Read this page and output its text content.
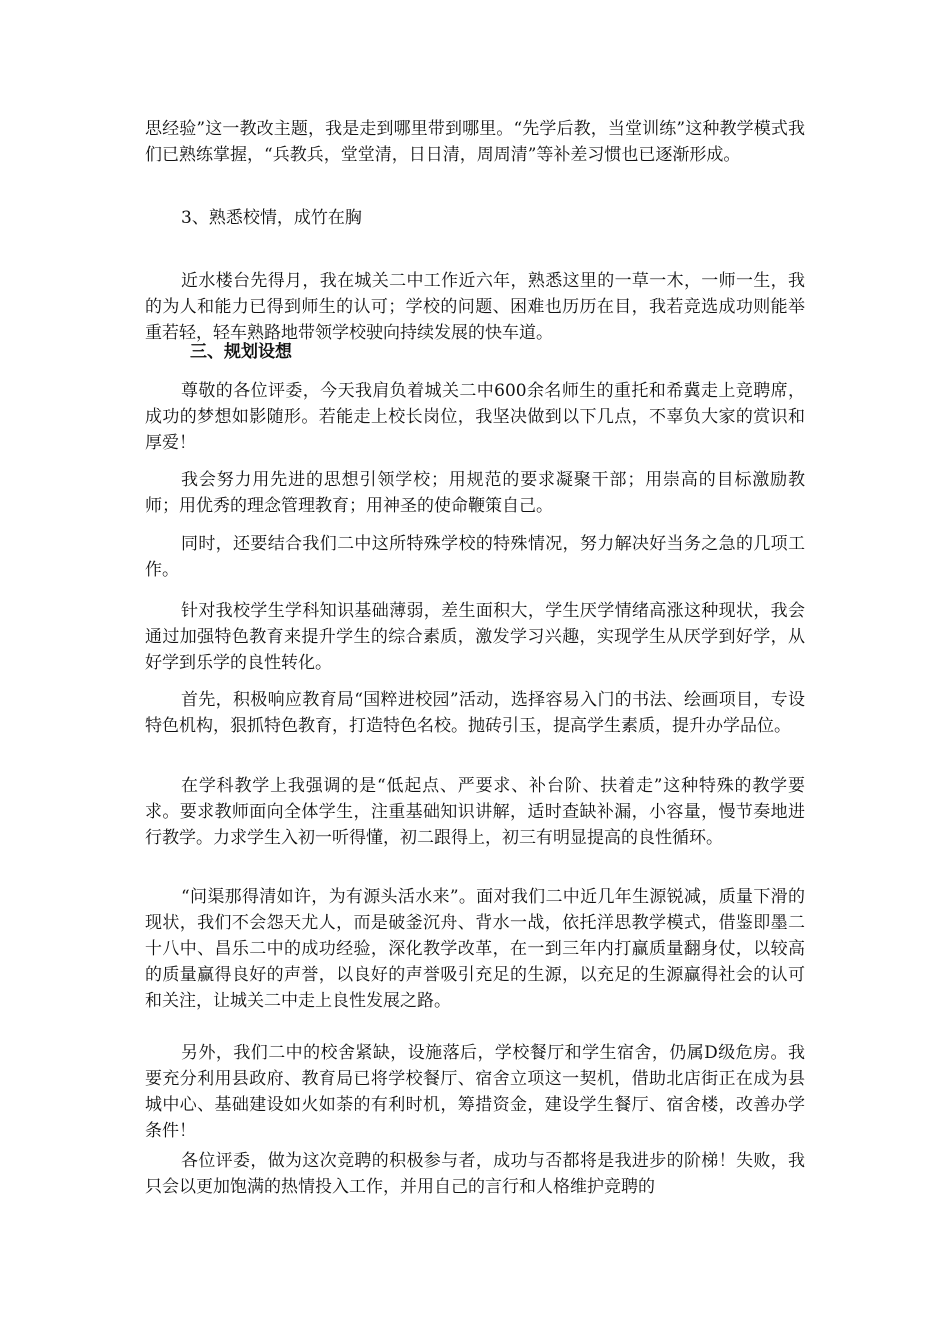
思经验”这一教改主题，我是走到哪里带到哪里。“先学后教，当堂训练”这种教学模式我们已熟练掌握，“兵教兵，堂堂清，日日清，周周清”等补差习惯也已逐渐形成。

3、熟悉校情，成竹在胸

近水楼台先得月，我在城关二中工作近六年，熟悉这里的一草一木，一师一生，我的为人和能力已得到师生的认可；学校的问题、困难也历历在目，我若竞选成功则能举重若轻，轻车熟路地带领学校驶向持续发展的快车道。

三、规划设想

尊敬的各位评委，今天我肩负着城关二中600余名师生的重托和希冀走上竞聘席，成功的梦想如影随形。若能走上校长岗位，我坚决做到以下几点，不辜负大家的赏识和厚爱！

我会努力用先进的思想引领学校；用规范的要求凝聚干部；用崇高的目标激励教师；用优秀的理念管理教育；用神圣的使命鞭策自己。

同时，还要结合我们二中这所特殊学校的特殊情况，努力解决好当务之急的几项工作。

针对我校学生学科知识基础薄弱，差生面积大，学生厌学情绪高涨这种现状，我会通过加强特色教育来提升学生的综合素质，激发学习兴趣，实现学生从厌学到好学，从好学到乐学的良性转化。

首先，积极响应教育局“国粹进校园”活动，选择容易入门的书法、绘画项目，专设特色机构，狠抓特色教育，打造特色名校。抛砖引玉，提高学生素质，提升办学品位。

在学科教学上我强调的是“低起点、严要求、补台阶、扶着走”这种特殊的教学要求。要求教师面向全体学生，注重基础知识讲解，适时查缺补漏，小容量，慢节奏地进行教学。力求学生入初一听得懂，初二跟得上，初三有明显提高的良性循环。

“问渠那得清如许，为有源头活水来”。面对我们二中近几年生源锐减，质量下滑的现状，我们不会怨天尤人，而是破釜沉舟、背水一战，依托洋思教学模式，借鉴即墨二十八中、昌乐二中的成功经验，深化教学改革，在一到三年内打赢质量翻身仗，以较高的质量赢得良好的声誉，以良好的声誉吸引充足的生源，以充足的生源赢得社会的认可和关注，让城关二中走上良性发展之路。

另外，我们二中的校舍紧缺，设施落后，学校餐厅和学生宿舍，仍属D级危房。我要充分利用县政府、教育局已将学校餐厅、宿舍立项这一契机，借助北店街正在成为县城中心、基础建设如火如荼的有利时机，筹措资金，建设学生餐厅、宿舍楼，改善办学条件！

各位评委，做为这次竞聘的积极参与者，成功与否都将是我进步的阶梯！失败，我只会以更加饱满的热情投入工作，并用自己的言行和人格维护竞聘的
